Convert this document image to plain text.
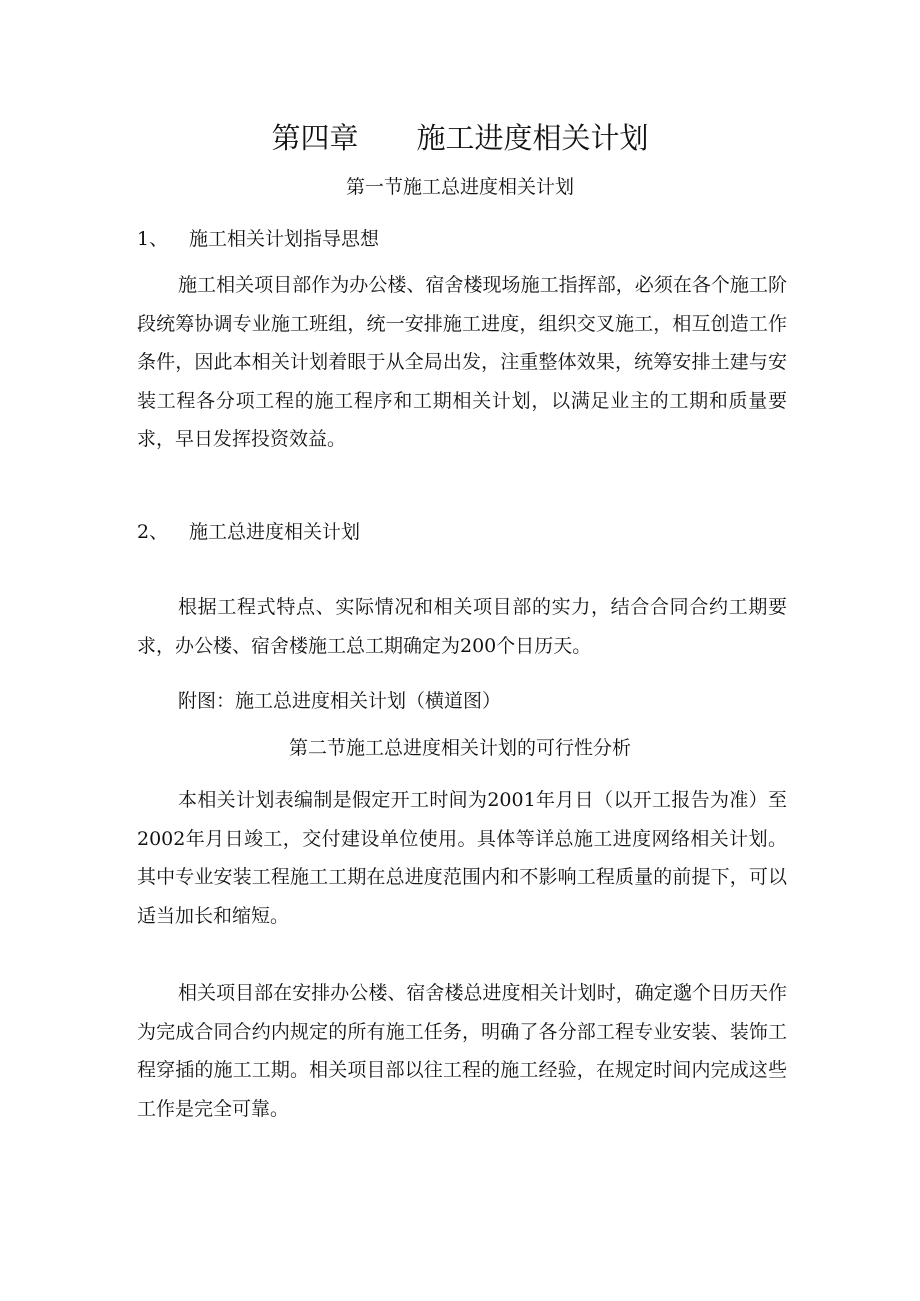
第四章　　施工进度相关计划
第一节施工总进度相关计划
1、 施工相关计划指导思想

施工相关项目部作为办公楼、宿舍楼现场施工指挥部，必须在各个施工阶段统筹协调专业施工班组，统一安排施工进度，组织交叉施工，相互创造工作条件，因此本相关计划着眼于从全局出发，注重整体效果，统筹安排土建与安装工程各分项工程的施工程序和工期相关计划，以满足业主的工期和质量要求，早日发挥投资效益。

2、 施工总进度相关计划

根据工程式特点、实际情况和相关项目部的实力，结合合同合约工期要求，办公楼、宿舍楼施工总工期确定为200个日历天。

附图：施工总进度相关计划（横道图）
第二节施工总进度相关计划的可行性分析

本相关计划表编制是假定开工时间为2001年月日（以开工报告为准）至2002年月日竣工，交付建设单位使用。具体等详总施工进度网络相关计划。其中专业安装工程施工工期在总进度范围内和不影响工程质量的前提下，可以适当加长和缩短。

相关项目部在安排办公楼、宿舍楼总进度相关计划时，确定邈个日历天作为完成合同合约内规定的所有施工任务，明确了各分部工程专业安装、装饰工程穿插的施工工期。相关项目部以往工程的施工经验，在规定时间内完成这些工作是完全可靠。
